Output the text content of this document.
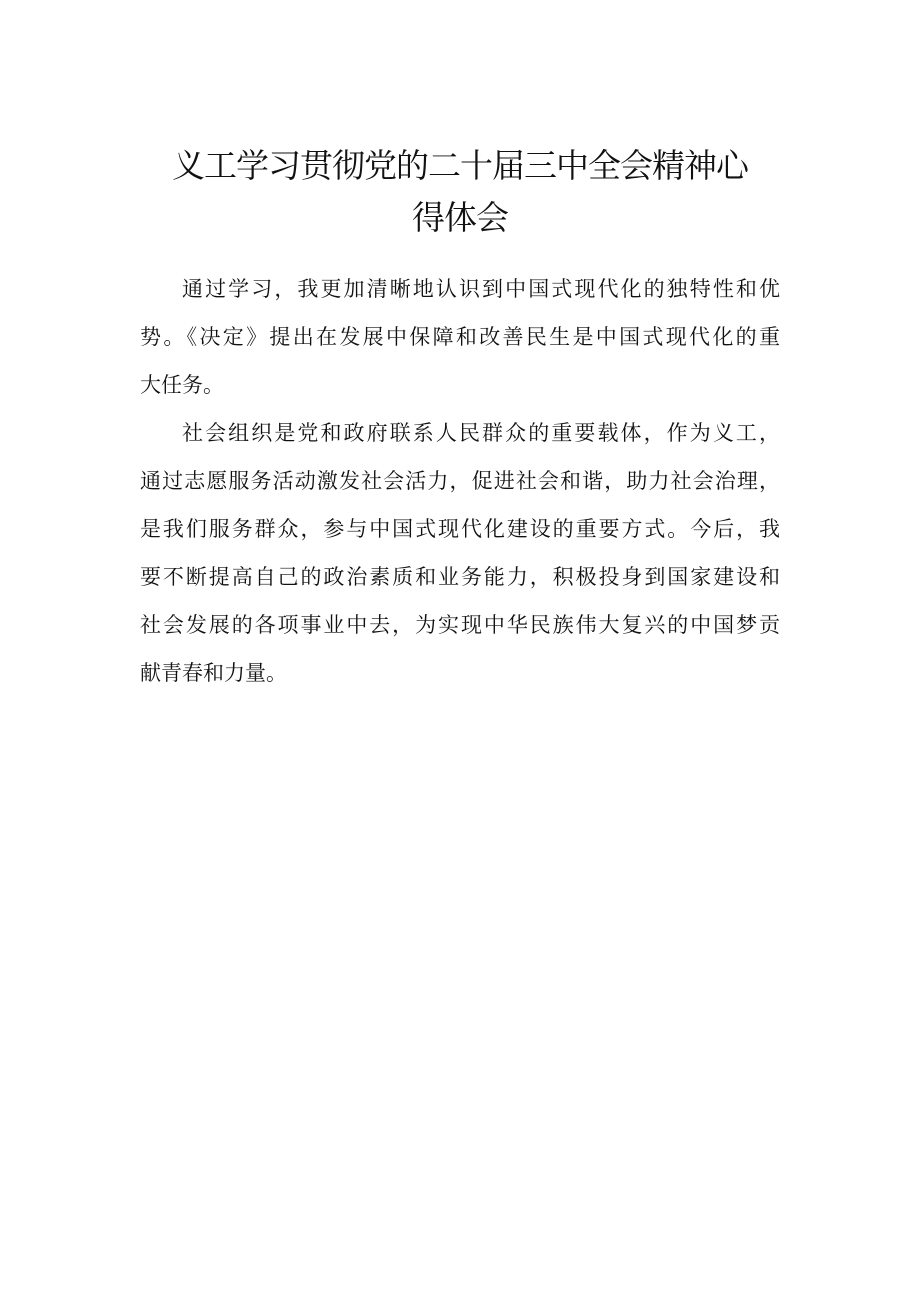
义工学习贯彻党的二十届三中全会精神心
得体会
通过学习，我更加清晰地认识到中国式现代化的独特性和优
势。《决定》提出在发展中保障和改善民生是中国式现代化的重
大任务。
社会组织是党和政府联系人民群众的重要载体，作为义工，
通过志愿服务活动激发社会活力，促进社会和谐，助力社会治理，
是我们服务群众，参与中国式现代化建设的重要方式。今后，我
要不断提高自己的政治素质和业务能力，积极投身到国家建设和
社会发展的各项事业中去，为实现中华民族伟大复兴的中国梦贡
献青春和力量。
